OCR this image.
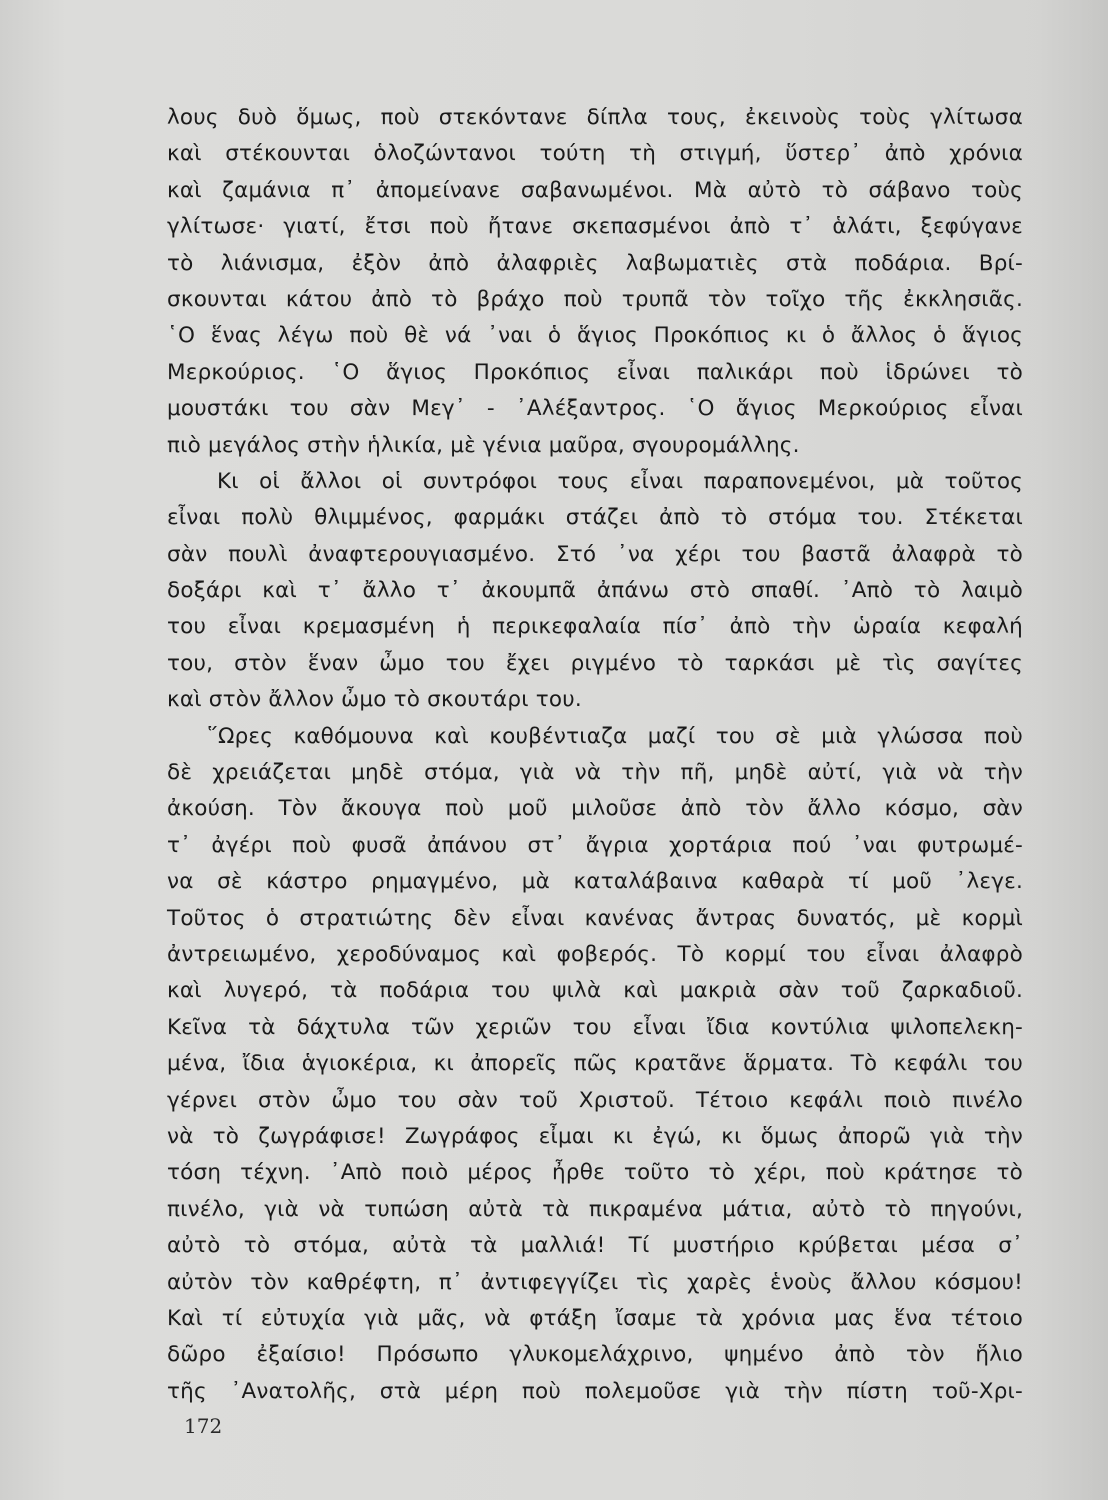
λους δυὸ ὅμως, ποὺ στεκόντανε δίπλα τους, ἐκεινοὺς τοὺς γλίτωσα

καὶ στέκουνται ὁλοζώντανοι τούτη τὴ στιγμή, ὕστερ᾿ ἀπὸ χρόνια

καὶ ζαμάνια π᾿ ἀπομείνανε σαβανωμένοι. Μὰ αὐτὸ τὸ σάβανο τοὺς

γλίτωσε· γιατί, ἔτσι ποὺ ἤτανε σκεπασμένοι ἀπὸ τ᾿ ἁλάτι, ξεφύγανε

τὸ λιάνισμα, ἐξὸν ἀπὸ ἀλαφριὲς λαβωματιὲς στὰ ποδάρια. Βρί-

σκουνται κάτου ἀπὸ τὸ βράχο ποὺ τρυπᾶ τὸν τοῖχο τῆς ἐκκλησιᾶς.

῾Ο ἕνας λέγω ποὺ θὲ νά ᾿ναι ὁ ἅγιος Προκόπιος κι ὁ ἄλλος ὁ ἅγιος

Μερκούριος. ῾Ο ἅγιος Προκόπιος εἶναι παλικάρι ποὺ ἱδρώνει τὸ

μουστάκι του σὰν Μεγ᾿ - ᾿Αλέξαντρος. ῾Ο ἅγιος Μερκούριος εἶναι

πιὸ μεγάλος στὴν ἡλικία, μὲ γένια μαῦρα, σγουρομάλλης.

Κι οἱ ἄλλοι οἱ συντρόφοι τους εἶναι παραπονεμένοι, μὰ τοῦτος

εἶναι πολὺ θλιμμένος, φαρμάκι στάζει ἀπὸ τὸ στόμα του. Στέκεται

σὰν πουλὶ ἀναφτερουγιασμένο. Στό ᾿να χέρι του βαστᾶ ἀλαφρὰ τὸ

δοξάρι καὶ τ᾿ ἄλλο τ᾿ ἀκουμπᾶ ἀπάνω στὸ σπαθί. ᾿Απὸ τὸ λαιμὸ

του εἶναι κρεμασμένη ἡ περικεφαλαία πίσ᾿ ἀπὸ τὴν ὡραία κεφαλή

του, στὸν ἕναν ὦμο του ἔχει ριγμένο τὸ ταρκάσι μὲ τὶς σαγίτες

καὶ στὸν ἄλλον ὦμο τὸ σκουτάρι του.

῞Ωρες καθόμουνα καὶ κουβέντιαζα μαζί του σὲ μιὰ γλώσσα ποὺ

δὲ χρειάζεται μηδὲ στόμα, γιὰ νὰ τὴν πῆ, μηδὲ αὐτί, γιὰ νὰ τὴν

ἀκούση. Τὸν ἄκουγα ποὺ μοῦ μιλοῦσε ἀπὸ τὸν ἄλλο κόσμο, σὰν

τ᾿ ἀγέρι ποὺ φυσᾶ ἀπάνου στ᾿ ἄγρια χορτάρια πού ᾿ναι φυτρωμέ-

να σὲ κάστρο ρημαγμένο, μὰ καταλάβαινα καθαρὰ τί μοῦ ᾿λεγε.

Τοῦτος ὁ στρατιώτης δὲν εἶναι κανένας ἄντρας δυνατός, μὲ κορμὶ

ἀντρειωμένο, χεροδύναμος καὶ φοβερός. Τὸ κορμί του εἶναι ἀλαφρὸ

καὶ λυγερό, τὰ ποδάρια του ψιλὰ καὶ μακριὰ σὰν τοῦ ζαρκαδιοῦ.

Κεῖνα τὰ δάχτυλα τῶν χεριῶν του εἶναι ἴδια κοντύλια ψιλοπελεκη-

μένα, ἴδια ἁγιοκέρια, κι ἀπορεῖς πῶς κρατᾶνε ἅρματα. Τὸ κεφάλι του

γέρνει στὸν ὦμο του σὰν τοῦ Χριστοῦ. Τέτοιο κεφάλι ποιὸ πινέλο

νὰ τὸ ζωγράφισε! Ζωγράφος εἶμαι κι ἐγώ, κι ὅμως ἀπορῶ γιὰ τὴν

τόση τέχνη. ᾿Απὸ ποιὸ μέρος ἦρθε τοῦτο τὸ χέρι, ποὺ κράτησε τὸ

πινέλο, γιὰ νὰ τυπώση αὐτὰ τὰ πικραμένα μάτια, αὐτὸ τὸ πηγούνι,

αὐτὸ τὸ στόμα, αὐτὰ τὰ μαλλιά! Τί μυστήριο κρύβεται μέσα σ᾿

αὐτὸν τὸν καθρέφτη, π᾿ ἀντιφεγγίζει τὶς χαρὲς ἑνοὺς ἄλλου κόσμου!

Καὶ τί εὐτυχία γιὰ μᾶς, νὰ φτάξη ἴσαμε τὰ χρόνια μας ἕνα τέτοιο

δῶρο ἐξαίσιο! Πρόσωπο γλυκομελάχρινο, ψημένο ἀπὸ τὸν ἥλιο

τῆς ᾿Ανατολῆς, στὰ μέρη ποὺ πολεμοῦσε γιὰ τὴν πίστη τοῦ-Χρι-

172
